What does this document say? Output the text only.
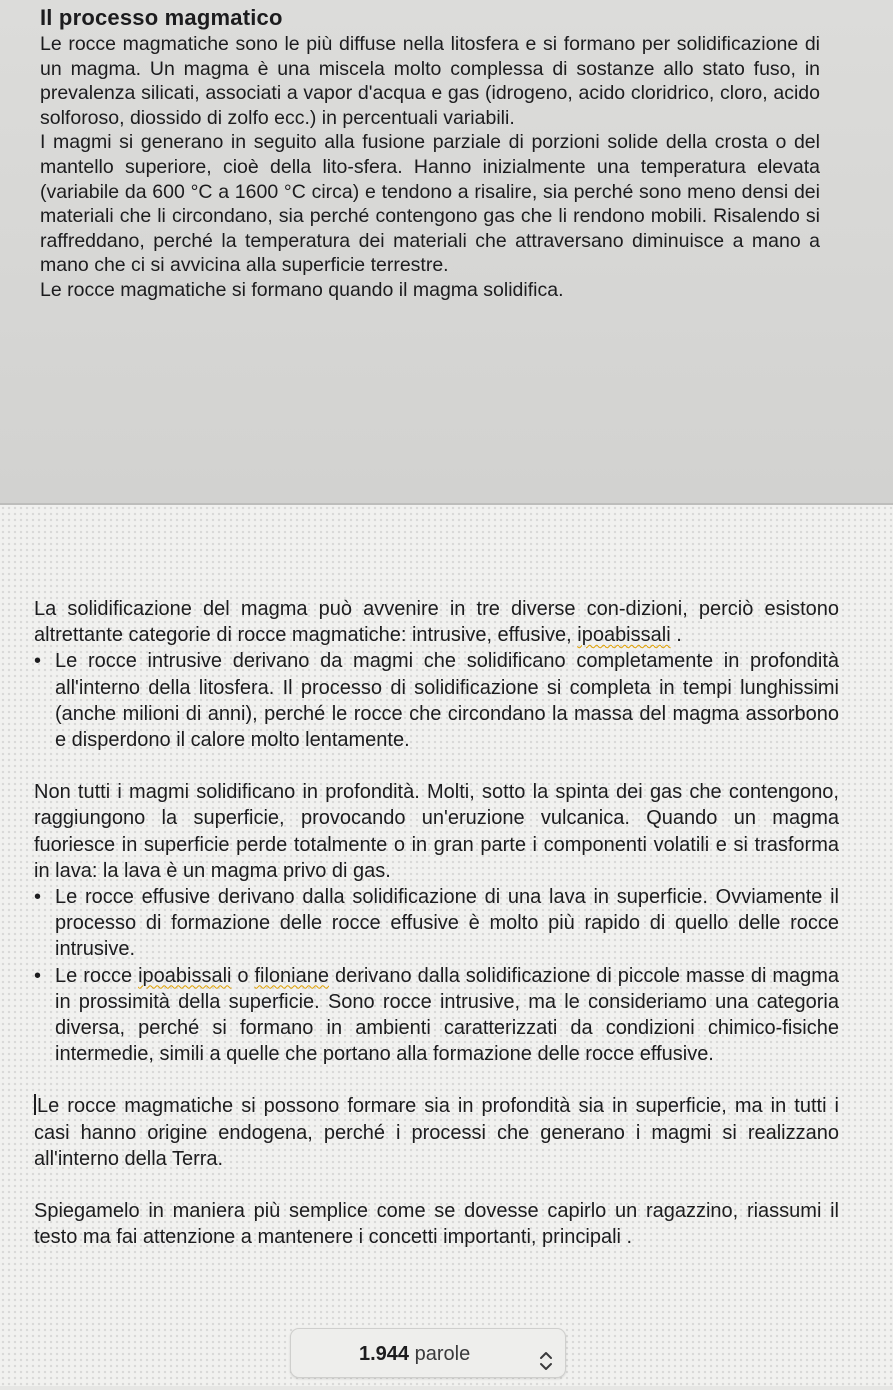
Il processo magmatico

Le rocce magmatiche sono le più diffuse nella litosfera e si formano per solidificazione di un magma. Un magma è una miscela molto complessa di sostanze allo stato fuso, in prevalenza silicati, associati a vapor d'acqua e gas (idrogeno, acido cloridrico, cloro, acido solforoso, diossido di zolfo ecc.) in percentuali variabili.

I magmi si generano in seguito alla fusione parziale di porzioni solide della crosta o del mantello superiore, cioè della lito-sfera. Hanno inizialmente una temperatura elevata (variabile da 600 °C a 1600 °C circa) e tendono a risalire, sia perché sono meno densi dei materiali che li circondano, sia perché contengono gas che li rendono mobili. Risalendo si raffreddano, perché la temperatura dei materiali che attraversano diminuisce a mano a mano che ci si avvicina alla superficie terrestre.

Le rocce magmatiche si formano quando il magma solidifica.

La solidificazione del magma può avvenire in tre diverse con-dizioni, perciò esistono altrettante categorie di rocce magmatiche: intrusive, effusive, ipoabissali .

• Le rocce intrusive derivano da magmi che solidificano completamente in profondità all'interno della litosfera. Il processo di solidificazione si completa in tempi lunghissimi (anche milioni di anni), perché le rocce che circondano la massa del magma assorbono e disperdono il calore molto lentamente.

Non tutti i magmi solidificano in profondità. Molti, sotto la spinta dei gas che contengono, raggiungono la superficie, provocando un'eruzione vulcanica. Quando un magma fuoriesce in superficie perde totalmente o in gran parte i componenti volatili e si trasforma in lava: la lava è un magma privo di gas.

• Le rocce effusive derivano dalla solidificazione di una lava in superficie. Ovviamente il processo di formazione delle rocce effusive è molto più rapido di quello delle rocce intrusive.
• Le rocce ipoabissali o filoniane derivano dalla solidificazione di piccole masse di magma in prossimità della superficie. Sono rocce intrusive, ma le consideriamo una categoria diversa, perché si formano in ambienti caratterizzati da condizioni chimico-fisiche intermedie, simili a quelle che portano alla formazione delle rocce effusive.

Le rocce magmatiche si possono formare sia in profondità sia in superficie, ma in tutti i casi hanno origine endogena, perché i processi che generano i magmi si realizzano all'interno della Terra.

Spiegamelo in maniera più semplice come se dovesse capirlo un ragazzino, riassumi il testo ma fai attenzione a mantenere i concetti importanti, principali .

1.944 parole
